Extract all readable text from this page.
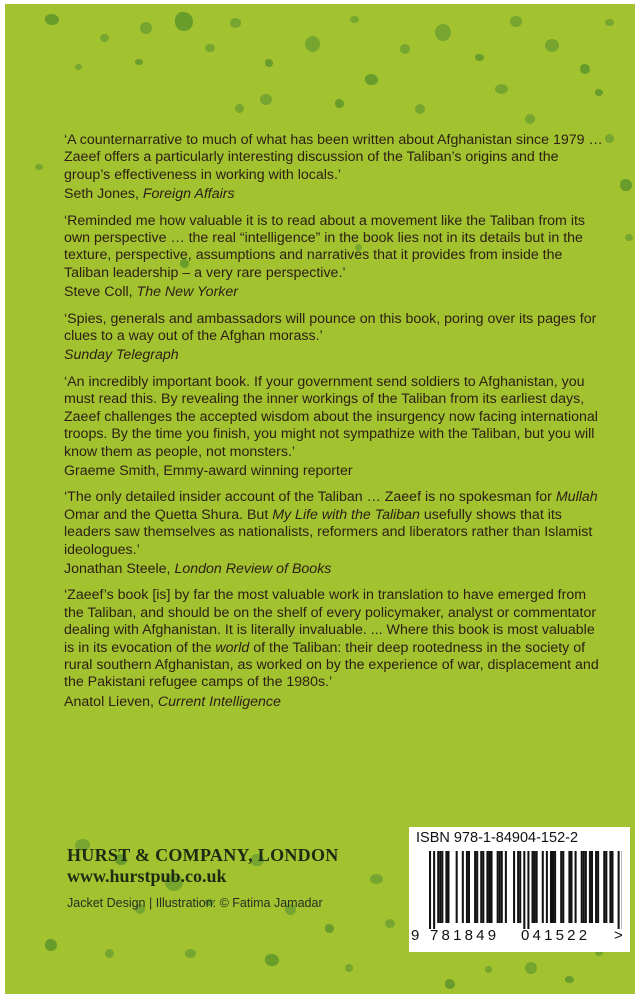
‘A counternarrative to much of what has been written about Afghanistan since 1979 … Zaeef offers a particularly interesting discussion of the Taliban’s origins and the group’s effectiveness in working with locals.’
Seth Jones, Foreign Affairs
‘Reminded me how valuable it is to read about a movement like the Taliban from its own perspective … the real “intelligence” in the book lies not in its details but in the texture, perspective, assumptions and narratives that it provides from inside the Taliban leadership – a very rare perspective.’
Steve Coll, The New Yorker
‘Spies, generals and ambassadors will pounce on this book, poring over its pages for clues to a way out of the Afghan morass.’
Sunday Telegraph
‘An incredibly important book. If your government send soldiers to Afghanistan, you must read this. By revealing the inner workings of the Taliban from its earliest days, Zaeef challenges the accepted wisdom about the insurgency now facing international troops. By the time you finish, you might not sympathize with the Taliban, but you will know them as people, not monsters.’
Graeme Smith, Emmy-award winning reporter
‘The only detailed insider account of the Taliban … Zaeef is no spokesman for Mullah Omar and the Quetta Shura. But My Life with the Taliban usefully shows that its leaders saw themselves as nationalists, reformers and liberators rather than Islamist ideologues.’
Jonathan Steele, London Review of Books
‘Zaeef’s book [is] by far the most valuable work in translation to have emerged from the Taliban, and should be on the shelf of every policymaker, analyst or commentator dealing with Afghanistan. It is literally invaluable. ... Where this book is most valuable is in its evocation of the world of the Taliban: their deep rootedness in the society of rural southern Afghanistan, as worked on by the experience of war, displacement and the Pakistani refugee camps of the 1980s.’
Anatol Lieven, Current Intelligence
HURST & COMPANY, LONDON
www.hurstpub.co.uk
Jacket Design | Illustration: © Fatima Jamadar
ISBN 978-1-84904-152-2
9 781849 041522 >
